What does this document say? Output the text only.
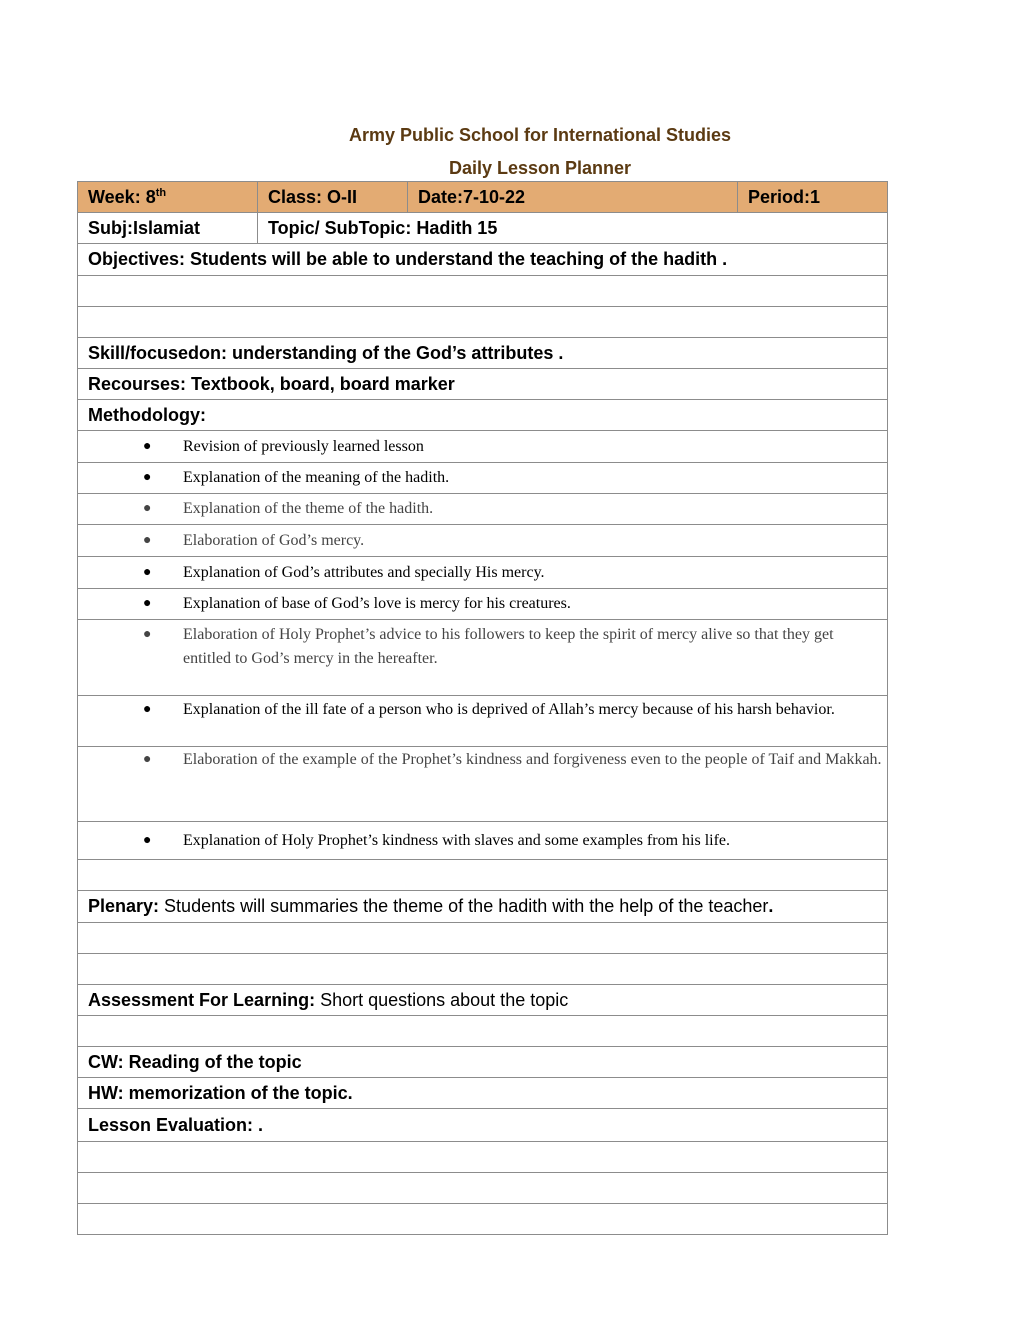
Army Public School for International Studies
Daily Lesson Planner
Week: 8th	Class: O-II	Date:7-10-22	Period:1
Subj:Islamiat	Topic/ SubTopic: Hadith 15		
Objectives: Students will be able to understand the teaching of the hadith .			

Skill/focusedon: understanding of the God’s attributes .			
Recourses: Textbook, board, board marker			
Methodology:			

● Revision of previously learned lesson			

● Explanation of the meaning of the hadith.			

● Explanation of the theme of the hadith.			

● Elaboration of God’s mercy.			

● Explanation of God’s attributes and specially His mercy.			

● Explanation of base of God’s love is mercy for his creatures.			

● Elaboration of Holy Prophet’s advice to his followers to keep the spirit of mercy alive so that they get entitled to God’s mercy in the hereafter.			

● Explanation of the ill fate of a person who is deprived of Allah’s mercy because of his harsh behavior.			

● Elaboration of the example of the Prophet’s kindness and forgiveness even to the people of Taif and Makkah.			

● Explanation of Holy Prophet’s kindness with slaves and some examples from his life.			

Plenary: Students will summaries the theme of the hadith with the help of the teacher.			

Assessment For Learning: Short questions about the topic			

CW: Reading of the topic			
HW: memorization of the topic.			
Lesson Evaluation: .			
